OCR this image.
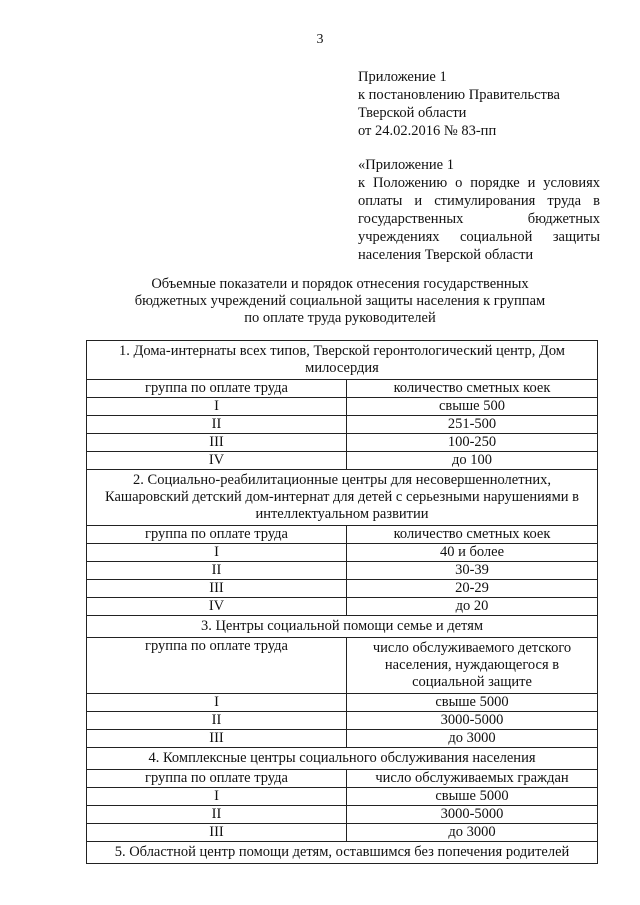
3
Приложение 1
к постановлению Правительства
Тверской области
от 24.02.2016 № 83-пп
«Приложение 1
к Положению о порядке и условиях
оплаты и стимулирования труда в
государственных бюджетных
учреждениях социальной защиты
населения Тверской области
Объемные показатели и порядок отнесения государственных
бюджетных учреждений социальной защиты населения к группам
по оплате труда руководителей
1. Дома-интернаты всех типов, Тверской геронтологический центр, Дом милосердия	
группа по оплате труда	количество сметных коек
I	свыше 500
II	251-500
III	100-250
IV	до 100
2. Социально-реабилитационные центры для несовершеннолетних, Кашаровский детский дом-интернат для детей с серьезными нарушениями в интеллектуальном развитии	
группа по оплате труда	количество сметных коек
I	40 и более
II	30-39
III	20-29
IV	до 20
3. Центры социальной помощи семье и детям	
группа по оплате труда	число обслуживаемого детского населения, нуждающегося в социальной защите
I	свыше 5000
II	3000-5000
III	до 3000
4. Комплексные центры социального обслуживания населения	
группа по оплате труда	число обслуживаемых граждан
I	свыше 5000
II	3000-5000
III	до 3000
5. Областной центр помощи детям, оставшимся без попечения родителей	
